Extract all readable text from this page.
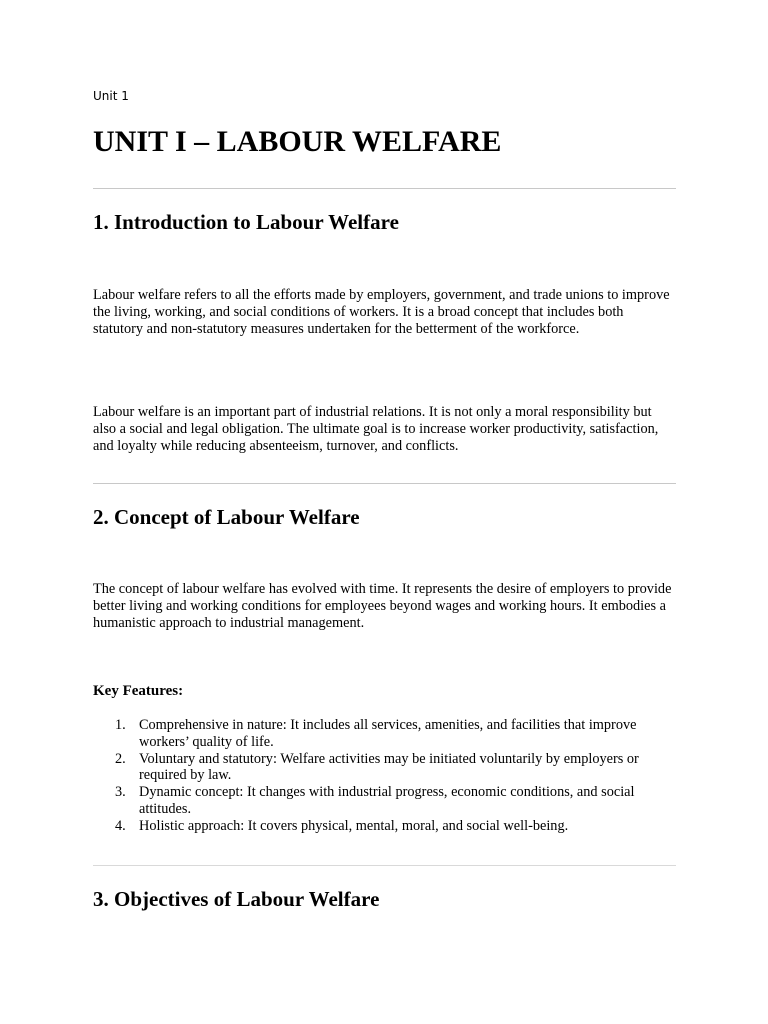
Unit 1
UNIT I – LABOUR WELFARE
1. Introduction to Labour Welfare

Labour welfare refers to all the efforts made by employers, government, and trade unions to improve the living, working, and social conditions of workers. It is a broad concept that includes both statutory and non-statutory measures undertaken for the betterment of the workforce.

Labour welfare is an important part of industrial relations. It is not only a moral responsibility but also a social and legal obligation. The ultimate goal is to increase worker productivity, satisfaction, and loyalty while reducing absenteeism, turnover, and conflicts.

2. Concept of Labour Welfare

The concept of labour welfare has evolved with time. It represents the desire of employers to provide better living and working conditions for employees beyond wages and working hours. It embodies a humanistic approach to industrial management.

Key Features:
1. Comprehensive in nature: It includes all services, amenities, and facilities that improve workers’ quality of life.
2. Voluntary and statutory: Welfare activities may be initiated voluntarily by employers or required by law.
3. Dynamic concept: It changes with industrial progress, economic conditions, and social attitudes.
4. Holistic approach: It covers physical, mental, moral, and social well-being.
3. Objectives of Labour Welfare
